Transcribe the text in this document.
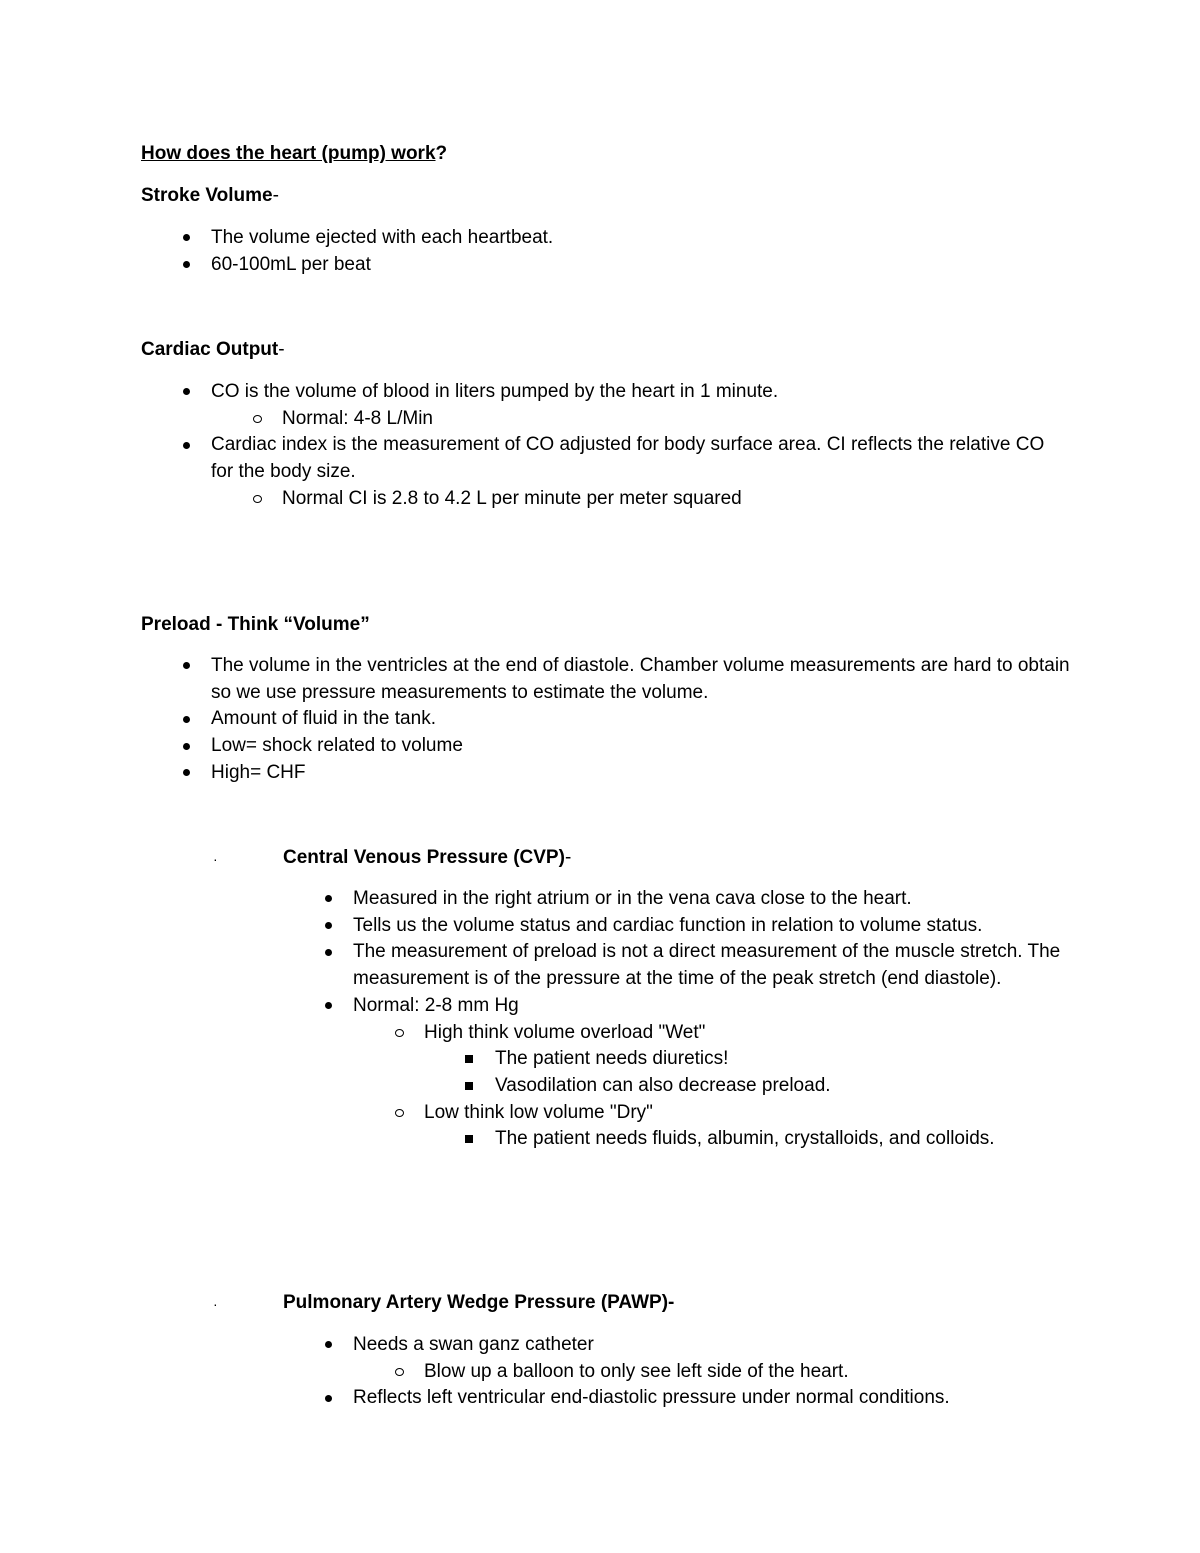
How does the heart (pump) work?
Stroke Volume-
The volume ejected with each heartbeat.
60-100mL per beat
Cardiac Output-
CO is the volume of blood in liters pumped by the heart in 1 minute.
Normal: 4-8 L/Min
Cardiac index is the measurement of CO adjusted for body surface area. CI reflects the relative CO for the body size.
Normal CI is 2.8 to 4.2 L per minute per meter squared
Preload - Think “Volume”
The volume in the ventricles at the end of diastole. Chamber volume measurements are hard to obtain so we use pressure measurements to estimate the volume.
Amount of fluid in the tank.
Low= shock related to volume
High= CHF
·	Central Venous Pressure (CVP)-
Measured in the right atrium or in the vena cava close to the heart.
Tells us the volume status and cardiac function in relation to volume status.
The measurement of preload is not a direct measurement of the muscle stretch. The measurement is of the pressure at the time of the peak stretch (end diastole).
Normal: 2-8 mm Hg
High think volume overload "Wet"
The patient needs diuretics!
Vasodilation can also decrease preload.
Low think low volume "Dry"
The patient needs fluids, albumin, crystalloids, and colloids.
·	Pulmonary Artery Wedge Pressure (PAWP)-
Needs a swan ganz catheter
Blow up a balloon to only see left side of the heart.
Reflects left ventricular end-diastolic pressure under normal conditions.
